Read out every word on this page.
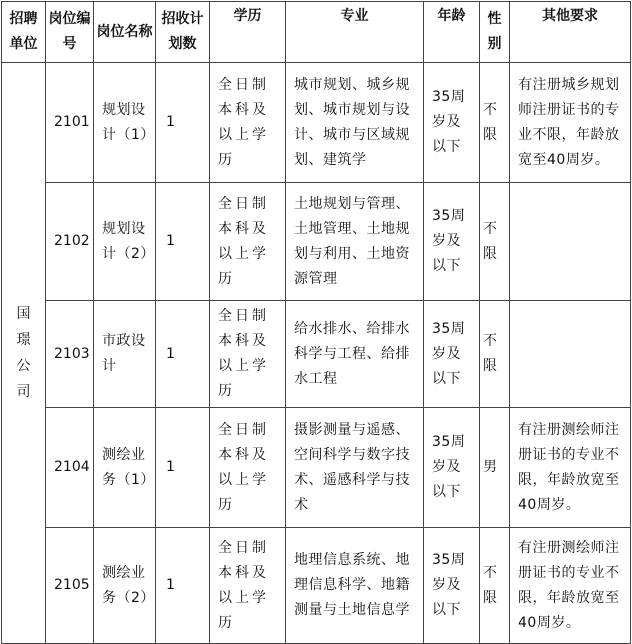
招聘单位	岗位编号	岗位名称	招收计划数	学历	专业	年龄	性别	其他要求

国璟公司	2101	规划设计（1）	1	全日制本科及以上学历	城市规划、城乡规划、城市规划与设计、城市与区域规划、建筑学	35周岁及以下	不限	有注册城乡规划师注册证书的专业不限，年龄放宽至40周岁。

	2102	规划设计（2）	1	全日制本科及以上学历	土地规划与管理、土地管理、土地规划与利用、土地资源管理	35周岁及以下	不限	

	2103	市政设计	1	全日制本科及以上学历	给水排水、给排水科学与工程、给排水工程	35周岁及以下	不限	

	2104	测绘业务（1）	1	全日制本科及以上学历	摄影测量与遥感、空间科学与数字技术、遥感科学与技术	35周岁及以下	男	有注册测绘师注册证书的专业不限，年龄放宽至40周岁。

	2105	测绘业务（2）	1	全日制本科及以上学历	地理信息系统、地理信息科学、地籍测量与土地信息学	35周岁及以下	不限	有注册测绘师注册证书的专业不限，年龄放宽至40周岁。
